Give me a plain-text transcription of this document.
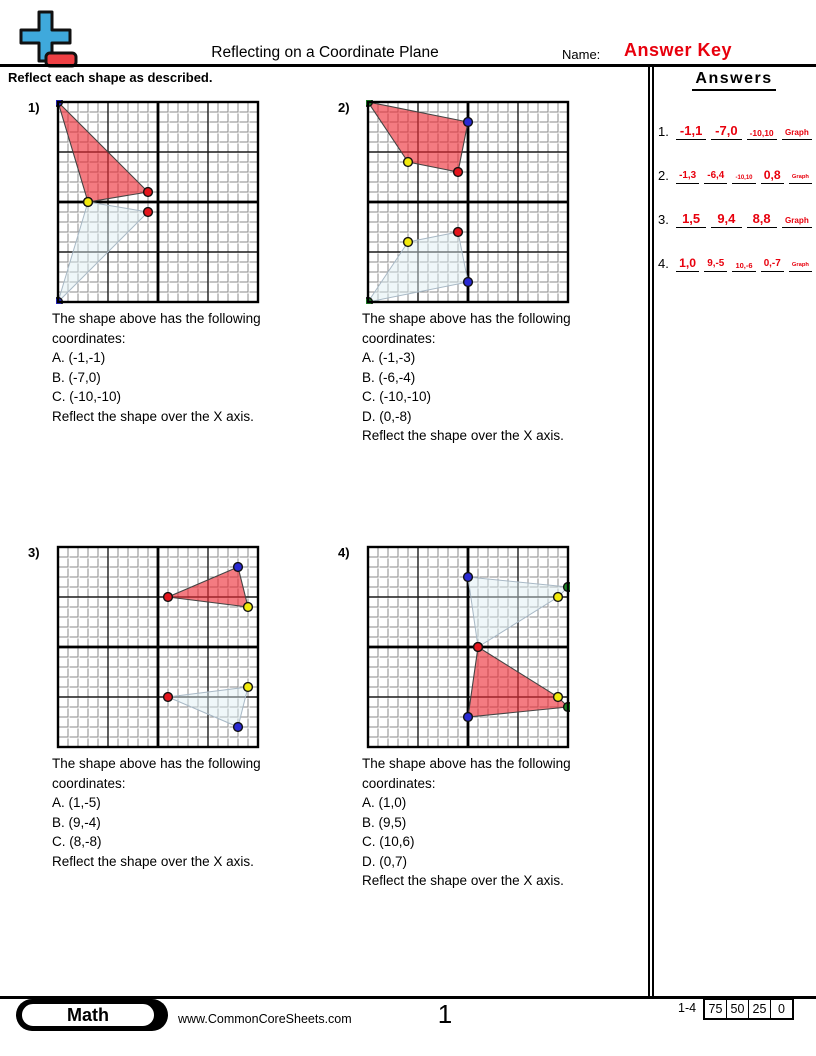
Reflecting on a Coordinate Plane	Name: Answer Key
Reflect each shape as described.	Answers
1. -1,1 -7,0 -10,10 Graph
2.	-1,3 -6,4 -10,10 0,8 Graph
3.	1,5 9,4 8,8 Graph
4. 1,0 9,-5 10,-6 0,-7 Graph
1)
The shape above has the following
coordinates:
A. (-1,-1)
B. (-7,0)
C. (-10,-10)
Reflect the shape over the X axis.
2)
The shape above has the following
coordinates:
A. (-1,-3)
B. (-6,-4)
C. (-10,-10)
D. (0,-8)
Reflect the shape over the X axis.
3)
The shape above has the following
coordinates:
A. (1,-5)
B. (9,-4)
C. (8,-8)
Reflect the shape over the X axis.
4)
The shape above has the following
coordinates:
A. (1,0)
B. (9,5)
C. (10,6)
D. (0,7)
Reflect the shape over the X axis.
Math	www.CommonCoreSheets.com	1	1-4 75 50 25 0
